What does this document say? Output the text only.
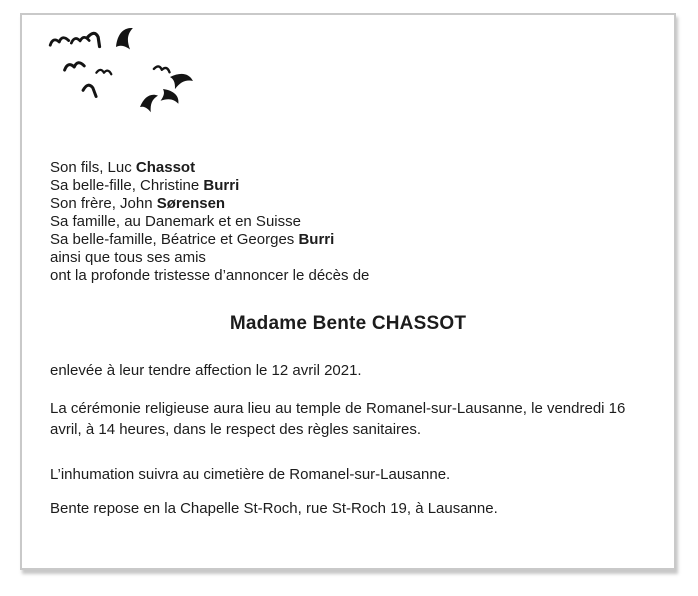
Son fils, Luc Chassot
Sa belle-fille, Christine Burri
Son frère, John Sørensen
Sa famille, au Danemark et en Suisse
Sa belle-famille, Béatrice et Georges Burri
ainsi que tous ses amis
ont la profonde tristesse d’annoncer le décès de
Madame Bente CHASSOT

enlevée à leur tendre affection le 12 avril 2021.

La cérémonie religieuse aura lieu au temple de Romanel-sur-Lausanne, le vendredi 16 avril, à 14 heures, dans le respect des règles sanitaires.

L’inhumation suivra au cimetière de Romanel-sur-Lausanne.

Bente repose en la Chapelle St-Roch, rue St-Roch 19, à Lausanne.
